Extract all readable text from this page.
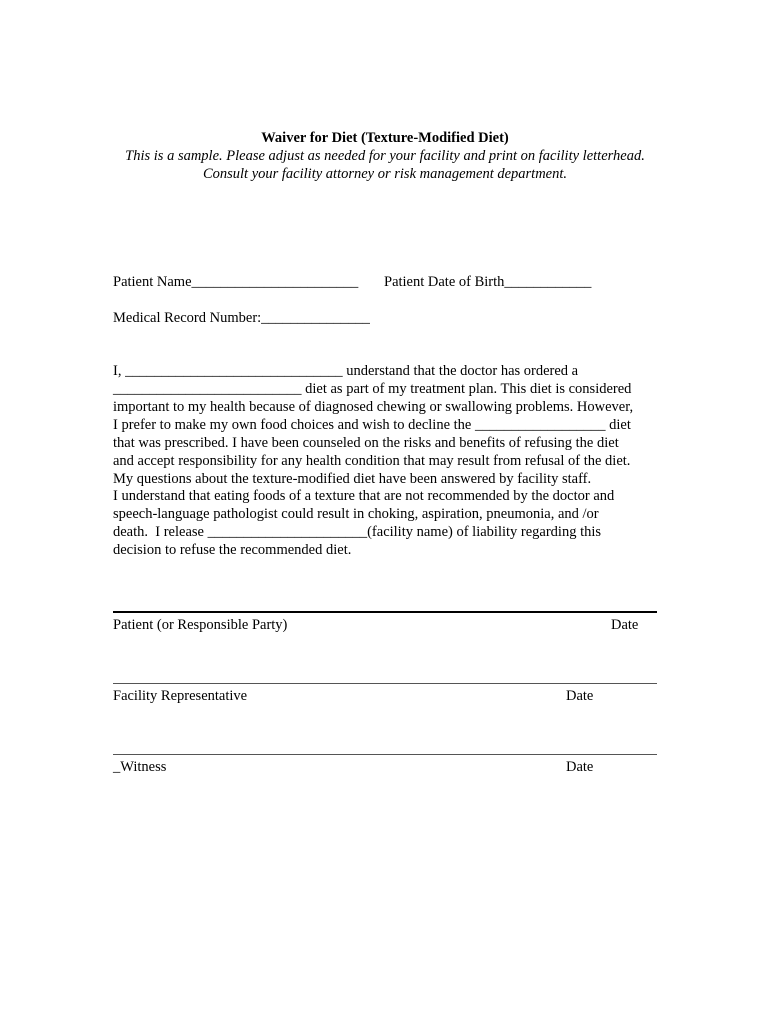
Waiver for Diet (Texture-Modified Diet)
This is a sample. Please adjust as needed for your facility and print on facility letterhead.
Consult your facility attorney or risk management department.
Patient Name_______________________ Patient Date of Birth____________
Medical Record Number:_______________
I, ______________________________ understand that the doctor has ordered a
__________________________ diet as part of my treatment plan. This diet is considered
important to my health because of diagnosed chewing or swallowing problems. However,
I prefer to make my own food choices and wish to decline the __________________ diet
that was prescribed. I have been counseled on the risks and benefits of refusing the diet
and accept responsibility for any health condition that may result from refusal of the diet.
My questions about the texture-modified diet have been answered by facility staff.
I understand that eating foods of a texture that are not recommended by the doctor and
speech-language pathologist could result in choking, aspiration, pneumonia, and /or
death.  I release ______________________(facility name) of liability regarding this
decision to refuse the recommended diet.
Patient (or Responsible Party)	Date
Facility Representative	Date
_Witness	Date
